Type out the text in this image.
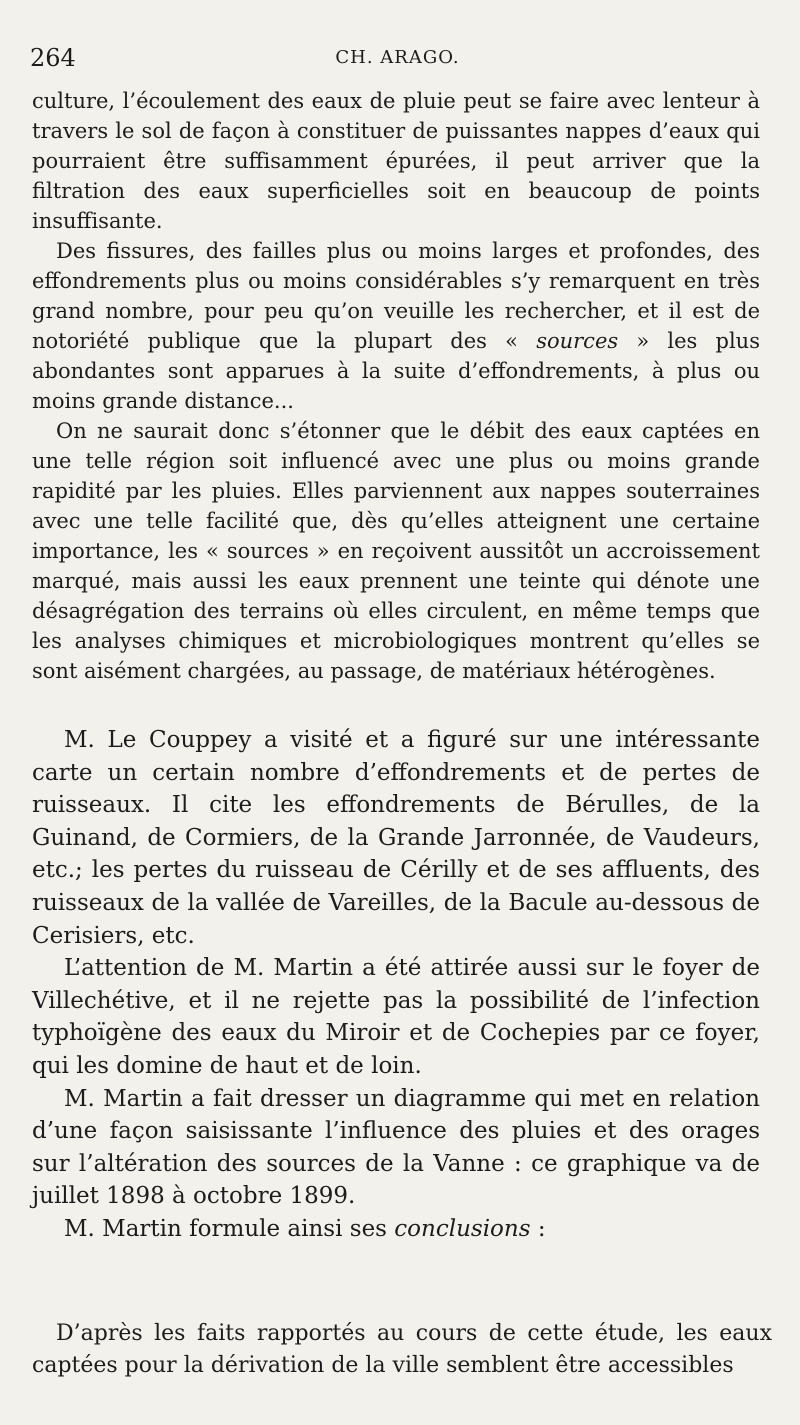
264	CH. ARAGO.

culture, l’écoulement des eaux de pluie peut se faire avec lenteur à travers le sol de façon à constituer de puissantes nappes d’eaux qui pourraient être suffisamment épurées, il peut arriver que la filtration des eaux superficielles soit en beaucoup de points insuffisante.

Des fissures, des failles plus ou moins larges et profondes, des effondrements plus ou moins considérables s’y remarquent en très grand nombre, pour peu qu’on veuille les rechercher, et il est de notoriété publique que la plupart des « sources » les plus abondantes sont apparues à la suite d’effondrements, à plus ou moins grande distance...

On ne saurait donc s’étonner que le débit des eaux captées en une telle région soit influencé avec une plus ou moins grande rapidité par les pluies. Elles parviennent aux nappes souterraines avec une telle facilité que, dès qu’elles atteignent une certaine importance, les « sources » en reçoivent aussitôt un accroissement marqué, mais aussi les eaux prennent une teinte qui dénote une désagrégation des terrains où elles circulent, en même temps que les analyses chimiques et microbiologiques montrent qu’elles se sont aisément chargées, au passage, de matériaux hétérogènes.

M. Le Couppey a visité et a figuré sur une intéressante carte un certain nombre d’effondrements et de pertes de ruisseaux. Il cite les effondrements de Bérulles, de la Guinand, de Cormiers, de la Grande Jarronnée, de Vaudeurs, etc.; les pertes du ruisseau de Cérilly et de ses affluents, des ruisseaux de la vallée de Vareilles, de la Bacule au-dessous de Cerisiers, etc.

L’attention de M. Martin a été attirée aussi sur le foyer de Villechétive, et il ne rejette pas la possibilité de l’infection typhoïgène des eaux du Miroir et de Cochepies par ce foyer, qui les domine de haut et de loin.

M. Martin a fait dresser un diagramme qui met en relation d’une façon saisissante l’influence des pluies et des orages sur l’altération des sources de la Vanne : ce graphique va de juillet 1898 à octobre 1899.

M. Martin formule ainsi ses conclusions :

D’après les faits rapportés au cours de cette étude, les eaux captées pour la dérivation de la ville semblent être accessibles
